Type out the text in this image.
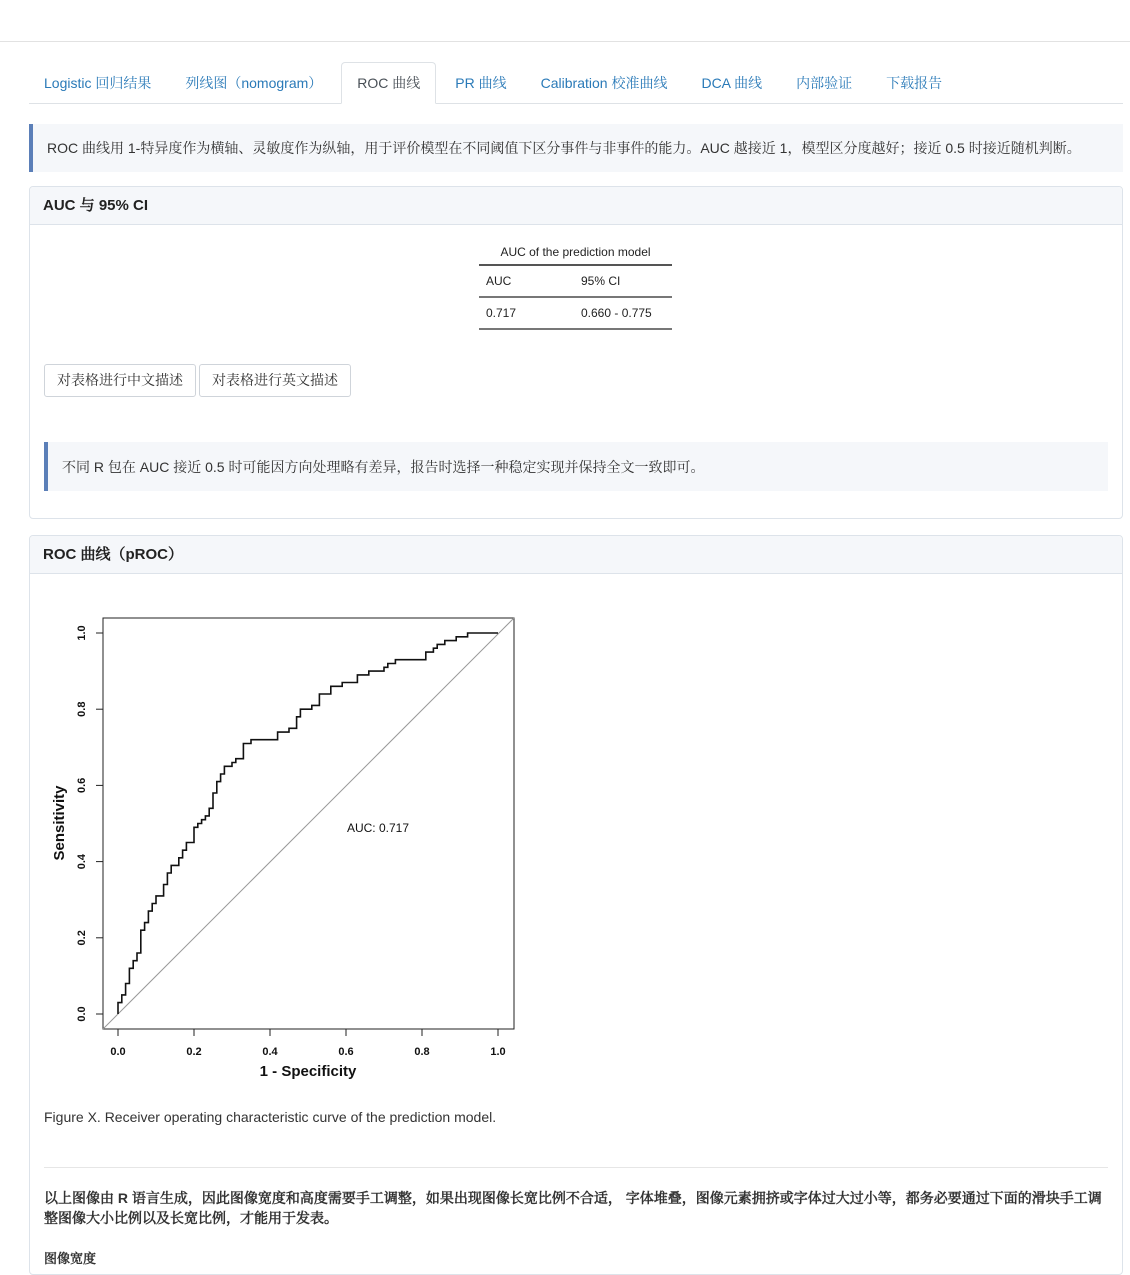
Logistic 回归结果	列线图（nomogram）	ROC 曲线	PR 曲线	Calibration 校准曲线	DCA 曲线	内部验证	下载报告
ROC 曲线用 1-特异度作为横轴、灵敏度作为纵轴，用于评价模型在不同阈值下区分事件与非事件的能力。AUC 越接近 1，模型区分度越好；接近 0.5 时接近随机判断。
AUC 与 95% CI
AUC of the prediction model
AUC	95% CI
0.717	0.660 - 0.775
对表格进行中文描述	对表格进行英文描述
不同 R 包在 AUC 接近 0.5 时可能因方向处理略有差异，报告时选择一种稳定实现并保持全文一致即可。
ROC 曲线（pROC）
0.0	0.2	0.4	0.6	0.8	1.0
0.0
0.2
0.4
0.6
0.8
1.0
AUC: 0.717
1 - Specificity
Sensitivity
Figure X. Receiver operating characteristic curve of the prediction model.
以上图像由 R 语言生成，因此图像宽度和高度需要手工调整，如果出现图像长宽比例不合适， 字体堆叠，图像元素拥挤或字体过大过小等，都务必要通过下面的滑块手工调整图像大小比例以及长宽比例，才能用于发表。
图像宽度
